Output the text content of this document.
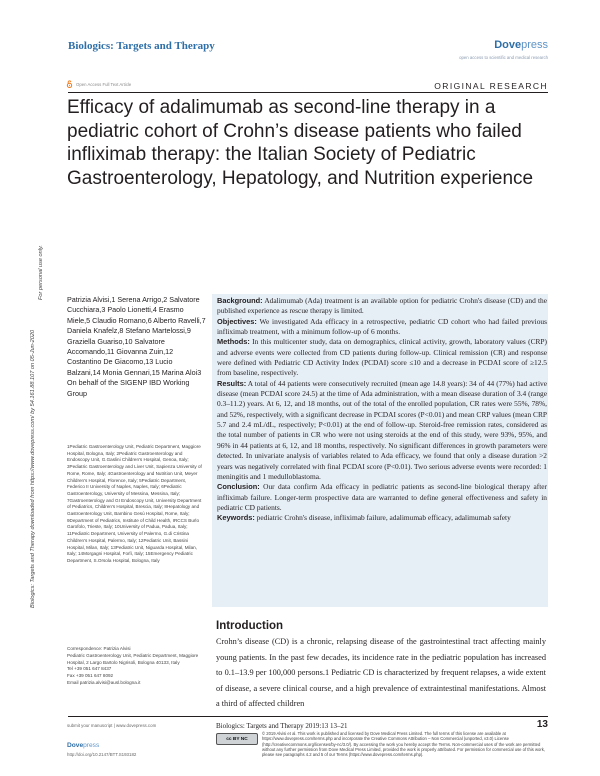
Biologics: Targets and Therapy	Dovepress
open access to scientific and medical research
Open Access Full Text Article	ORIGINAL RESEARCH
Efficacy of adalimumab as second-line therapy in a pediatric cohort of Crohn’s disease patients who failed infliximab therapy: the Italian Society of Pediatric Gastroenterology, Hepatology, and Nutrition experience
Biologics: Targets and Therapy downloaded from https://www.dovepress.com/ by 54.161.88.107 on 05-Jun-2020
For personal use only.	Patrizia Alvisi,1 Serena Arrigo,2 Salvatore Cucchiara,3 Paolo Lionetti,4 Erasmo Miele,5 Claudio Romano,6 Alberto Ravelli,7 Daniela Knafelz,8 Stefano Martelossi,9 Graziella Guariso,10 Salvatore Accomando,11 Giovanna Zuin,12 Costantino De Giacomo,13 Lucio Balzani,14 Monia Gennari,15 Marina Aloi3
On behalf of the SIGENP IBD Working Group
1Pediatric Gastroenterology Unit, Pediatric Department, Maggiore Hospital, Bologna, Italy; 2Pediatric Gastroenterology and Endoscopy Unit, G.Gaslini Children's Hospital, Genoa, Italy; 3Pediatric Gastroenterology and Liver Unit, Sapienza University of Rome, Rome, Italy; 4Gastroenterology and Nutrition Unit, Meyer Children's Hospital, Florence, Italy; 5Pediatric Department, Federico II University of Naples, Naples, Italy; 6Pediatric Gastroenterology, University of Messina, Messina, Italy; 7Gastroenterology and GI Endoscopy Unit, University Department of Pediatrics, Children's Hospital, Brescia, Italy; 8Hepatology and Gastroenterology Unit, Bambino Gesù Hospital, Rome, Italy; 9Department of Pediatrics, Institute of Child Health, IRCCS Burlo Garofolo, Trieste, Italy; 10University of Padua, Padua, Italy; 11Pediatric Department, University of Palermo, G.di Cristina Children's Hospital, Palermo, Italy; 12Pediatric Unit, Bassini Hospital, Milan, Italy; 13Pediatric Unit, Niguarda Hospital, Milan, Italy; 14Morgagni Hospital, Forlì, Italy; 15Emergency Pediatric Department, S.Orsola Hospital, Bologna, Italy
Correspondence: Patrizia Alvisi
Pediatric Gastroenterology Unit, Pediatric Department, Maggiore Hospital, 2 Largo Bartolo Nigrisoli, Bologna 40133, Italy
Tel +39 051 647 8437
Fax +39 051 647 8092
Email patrizia.alvisi@ausl.bologna.it

Background: Adalimumab (Ada) treatment is an available option for pediatric Crohn's disease (CD) and the published experience as rescue therapy is limited.

Objectives: We investigated Ada efficacy in a retrospective, pediatric CD cohort who had failed previous infliximab treatment, with a minimum follow-up of 6 months.

Methods: In this multicenter study, data on demographics, clinical activity, growth, laboratory values (CRP) and adverse events were collected from CD patients during follow-up. Clinical remission (CR) and response were defined with Pediatric CD Activity Index (PCDAI) score ≤10 and a decrease in PCDAI score of ≥12.5 from baseline, respectively.

Results: A total of 44 patients were consecutively recruited (mean age 14.8 years): 34 of 44 (77%) had active disease (mean PCDAI score 24.5) at the time of Ada administration, with a mean disease duration of 3.4 (range 0.3–11.2) years. At 6, 12, and 18 months, out of the total of the enrolled population, CR rates were 55%, 78%, and 52%, respectively, with a significant decrease in PCDAI scores (P<0.01) and mean CRP values (mean CRP 5.7 and 2.4 mL/dL, respectively; P<0.01) at the end of follow-up. Steroid-free remission rates, considered as the total number of patients in CR who were not using steroids at the end of this study, were 93%, 95%, and 96% in 44 patients at 6, 12, and 18 months, respectively. No significant differences in growth parameters were detected. In univariate analysis of variables related to Ada efficacy, we found that only a disease duration >2 years was negatively correlated with final PCDAI score (P<0.01). Two serious adverse events were recorded: 1 meningitis and 1 medulloblastoma.

Conclusion: Our data confirm Ada efficacy in pediatric patients as second-line biological therapy after infliximab failure. Longer-term prospective data are warranted to define general effectiveness and safety in pediatric CD patients.

Keywords: pediatric Crohn's disease, infliximab failure, adalimumab efficacy, adalimumab safety

Introduction
Crohn’s disease (CD) is a chronic, relapsing disease of the gastrointestinal tract affecting mainly young patients. In the past few decades, its incidence rate in the pediatric population has increased to 0.1–13.9 per 100,000 persons.1 Pediatric CD is characterized by frequent relapses, a wide extent of disease, a severe clinical course, and a high prevalence of extraintestinal manifestations. Almost a third of affected children
submit your manuscript | www.dovepress.com
Dovepress
http://doi.org/10.2147/BTT.S193182
Biologics: Targets and Therapy 2019:13 13–21	13
cc BY NC
© 2019 Alvisi et al. This work is published and licensed by Dove Medical Press Limited. The full terms of this license are available at https://www.dovepress.com/terms.php and incorporate the Creative Commons Attribution – Non Commercial (unported, v3.0) License (http://creativecommons.org/licenses/by-nc/3.0/). By accessing the work you hereby accept the Terms. Non-commercial uses of the work are permitted without any further permission from Dove Medical Press Limited, provided the work is properly attributed. For permission for commercial use of this work, please see paragraphs 4.2 and 5 of our Terms (https://www.dovepress.com/terms.php).
